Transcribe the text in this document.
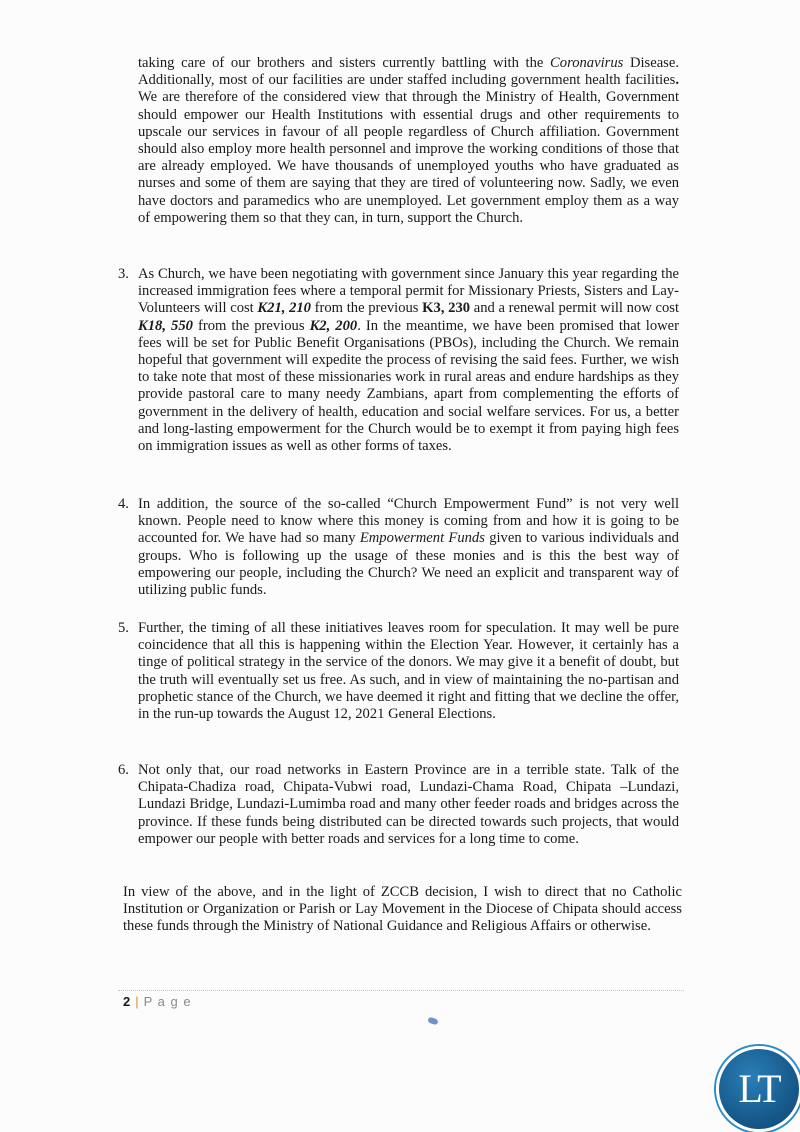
taking care of our brothers and sisters currently battling with the Coronavirus Disease. Additionally, most of our facilities are under staffed including government health facilities. We are therefore of the considered view that through the Ministry of Health, Government should empower our Health Institutions with essential drugs and other requirements to upscale our services in favour of all people regardless of Church affiliation. Government should also employ more health personnel and improve the working conditions of those that are already employed. We have thousands of unemployed youths who have graduated as nurses and some of them are saying that they are tired of volunteering now. Sadly, we even have doctors and paramedics who are unemployed. Let government employ them as a way of empowering them so that they can, in turn, support the Church.
3. As Church, we have been negotiating with government since January this year regarding the increased immigration fees where a temporal permit for Missionary Priests, Sisters and Lay-Volunteers will cost K21, 210 from the previous K3, 230 and a renewal permit will now cost K18, 550 from the previous K2, 200. In the meantime, we have been promised that lower fees will be set for Public Benefit Organisations (PBOs), including the Church. We remain hopeful that government will expedite the process of revising the said fees. Further, we wish to take note that most of these missionaries work in rural areas and endure hardships as they provide pastoral care to many needy Zambians, apart from complementing the efforts of government in the delivery of health, education and social welfare services. For us, a better and long-lasting empowerment for the Church would be to exempt it from paying high fees on immigration issues as well as other forms of taxes.
4. In addition, the source of the so-called “Church Empowerment Fund” is not very well known. People need to know where this money is coming from and how it is going to be accounted for. We have had so many Empowerment Funds given to various individuals and groups. Who is following up the usage of these monies and is this the best way of empowering our people, including the Church? We need an explicit and transparent way of utilizing public funds.
5. Further, the timing of all these initiatives leaves room for speculation. It may well be pure coincidence that all this is happening within the Election Year. However, it certainly has a tinge of political strategy in the service of the donors. We may give it a benefit of doubt, but the truth will eventually set us free. As such, and in view of maintaining the no-partisan and prophetic stance of the Church, we have deemed it right and fitting that we decline the offer, in the run-up towards the August 12, 2021 General Elections.
6. Not only that, our road networks in Eastern Province are in a terrible state. Talk of the Chipata-Chadiza road, Chipata-Vubwi road, Lundazi-Chama Road, Chipata –Lundazi, Lundazi Bridge, Lundazi-Lumimba road and many other feeder roads and bridges across the province. If these funds being distributed can be directed towards such projects, that would empower our people with better roads and services for a long time to come.
In view of the above, and in the light of ZCCB decision, I wish to direct that no Catholic Institution or Organization or Parish or Lay Movement in the Diocese of Chipata should access these funds through the Ministry of National Guidance and Religious Affairs or otherwise.
2 | P a g e
LT
